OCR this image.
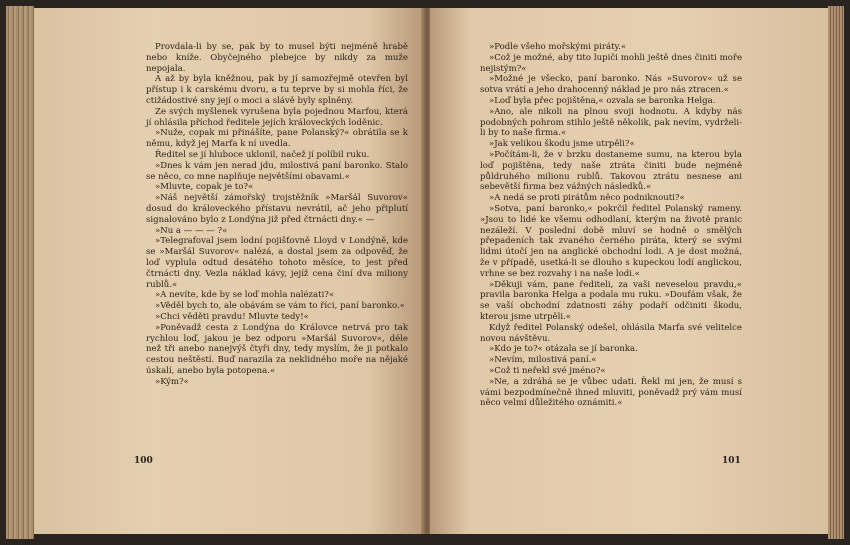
Provdala-li by se, pak by to musel býti nejméně hrabě nebo kníže. Obyčejného plebejce by nikdy za muže nepojala.

A až by byla kněžnou, pak by jí samozřejmě otevřen byl přístup i k carskému dvoru, a tu teprve by si mohla říci, že ctižádostivé sny její o moci a slávě byly splněny.

Ze svých myšlenek vyrušena byla pojednou Marfou, která jí ohlásila příchod ředitele jejích královeckých loděnic.

»Nuže, copak mi přinášíte, pane Polanský?« obrátila se k němu, když jej Marfa k ní uvedla.

Ředitel se jí hluboce uklonil, načež jí políbil ruku.

»Dnes k vám jen nerad jdu, milostivá paní baronko. Stalo se něco, co mne naplňuje největšími obavami.«

»Mluvte, copak je to?«

»Náš největší zámořský trojstěžník »Maršál Suvorov« dosud do královeckého přístavu nevrátil, ač jeho připlutí signalováno bylo z Londýna již před čtrnácti dny.« —

»Nu a — — — ?«

»Telegrafoval jsem lodní pojišťovně Lloyd v Londýně, kde se »Maršál Suvorov« nalézá, a dostal jsem za odpověď, že loď vyplula odtud desátého tohoto měsíce, to jest před čtrnácti dny. Vezla náklad kávy, jejíž cena činí dva miliony rublů.«

»A nevíte, kde by se loď mohla nalézati?«

»Věděl bych to, ale obávám se vám to říci, paní baronko.«

»Chci věděti pravdu! Mluvte tedy!«

»Poněvadž cesta z Londýna do Královce netrvá pro tak rychlou loď, jakou je bez odporu »Maršál Suvorov«, déle než tři anebo nanejvýš čtyři dny, tedy myslím, že ji potkalo cestou neštěstí. Buď narazila za neklidného moře na nějaké úskalí, anebo byla potopena.«

»Kým?«

100

»Podle všeho mořskými piráty.«

»Což je možné, aby tito lupiči mohli ještě dnes činiti moře nejistým?«

»Možné je všecko, paní baronko. Nás »Suvorov« už se sotva vrátí a jeho drahocenný náklad je pro nás ztracen.«

»Loď byla přec pojištěna,« ozvala se baronka Helga.

»Ano, ale nikoli na plnou svoji hodnotu. A kdyby nás podobných pohrom stihlo ještě několik, pak nevím, vydrželi-li by to naše firma.«

»Jak velikou škodu jsme utrpěli?«

»Počítám-li, že v brzku dostaneme sumu, na kterou byla loď pojištěna, tedy naše ztráta činiti bude nejméně půldruhého milionu rublů. Takovou ztrátu nesnese ani sebevětší firma bez vážných následků.«

»A nedá se proti pirátům něco podniknouti?«

»Sotva, paní baronko,« pokrčil ředitel Polanský rameny. »Jsou to lidé ke všemu odhodlaní, kterým na životě pranic nezáleží. V poslední době mluví se hodně o smělých přepadeních tak zvaného černého piráta, který se svými lidmi útočí jen na anglické obchodní lodi. A je dost možná, že v případě, usetká-li se dlouho s kupeckou lodí anglickou, vrhne se bez rozvahy i na naše lodi.«

»Děkuji vám, pane řediteli, za vaši neveselou pravdu,« pravila baronka Helga a podala mu ruku. »Doufám však, že se vaší obchodní zdatnosti záhy podaří odčiniti škodu, kterou jsme utrpěli.«

Když ředitel Polanský odešel, ohlásila Marfa své velitelce novou návštěvu.

»Kdo je to?« otázala se jí baronka.

»Nevím, milostivá paní.«

»Což ti neřekl své jméno?«

»Ne, a zdráhá se je vůbec udati. Řekl mi jen, že musí s vámi bezpodmínečně ihned mluviti, poněvadž prý vám musí něco velmi důležitého oznámiti.«

101
